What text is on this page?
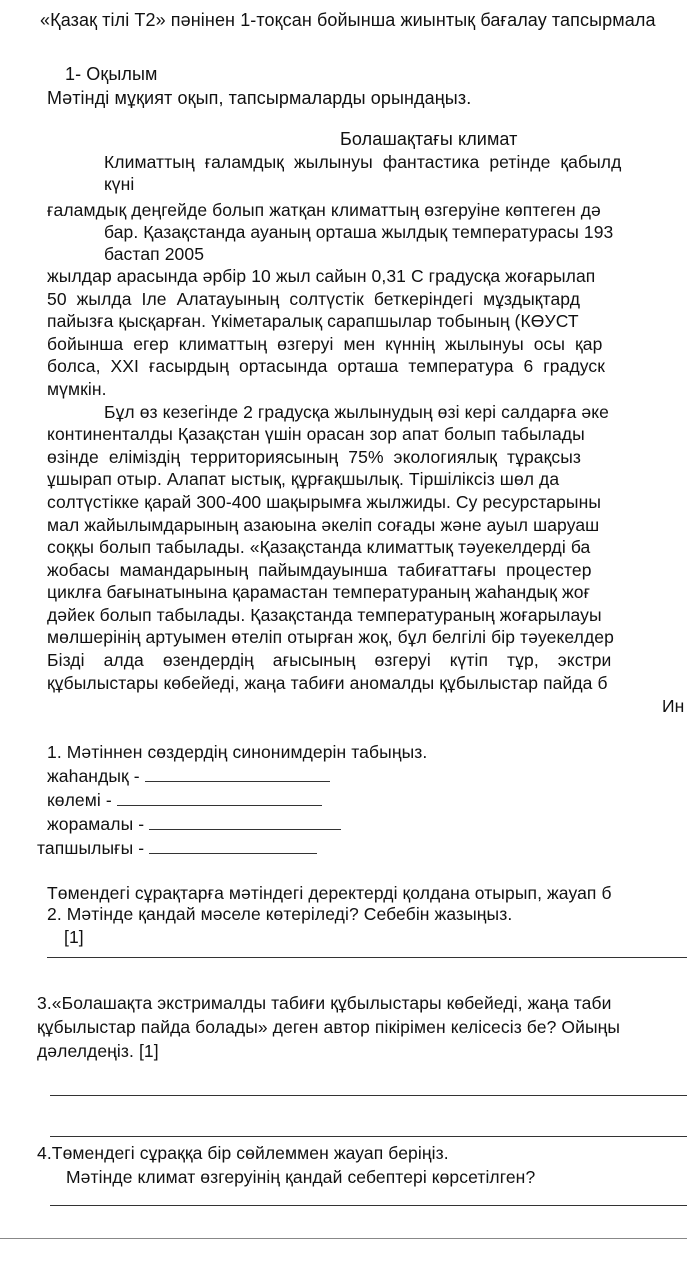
«Қазақ тілі Т2» пәнінен 1-тоқсан бойынша жиынтық бағалау тапсырмала
1- Оқылым
Мәтінді мұқият оқып, тапсырмаларды орындаңыз.
Болашақтағы климат
Климаттың ғаламдық жылынуы фантастика ретінде қабылд
күні
ғаламдық деңгейде болып жатқан климаттың өзгеруіне көптеген дә
бар. Қазақстанда ауаның орташа жылдық температурасы 193
бастап 2005
жылдар арасында әрбір 10 жыл сайын 0,31 С градусқа жоғарылап
50 жылда Іле Алатауының солтүстік беткеріндегі мұздықтард
пайызға қысқарған. Үкіметаралық сарапшылар тобының (КӨУСТ
бойынша егер климаттың өзгеруі мен күннің жылынуы осы қар
болса, ХХІ ғасырдың ортасында орташа температура 6 градуск
мүмкін.
Бұл өз кезегінде 2 градусқа жылынудың өзі кері салдарға әке
континенталды Қазақстан үшін орасан зор апат болып табылады
өзінде еліміздің территориясының 75% экологиялық тұрақсыз
ұшырап отыр. Алапат ыстық, құрғақшылық. Тіршіліксіз шөл да
солтүстікке қарай 300-400 шақырымға жылжиды. Су ресурстарыны
мал жайылымдарының азаюына әкеліп соғады және ауыл шаруаш
соққы болып табылады. «Қазақстанда климаттық тәуекелдерді ба
жобасы мамандарының пайымдауынша табиғаттағы процестер
циклға бағынатынына қарамастан температураның жаһандық жоғ
дәйек болып табылады. Қазақстанда температураның жоғарылауы
мөлшерінің артуымен өтеліп отырған жоқ, бұл белгілі бір тәуекелдер
Бізді алда өзендердің ағысының өзгеруі күтіп тұр, экстри
құбылыстары көбейеді, жаңа табиғи аномалды құбылыстар пайда б
Ин
1. Мәтіннен сөздердің синонимдерін табыңыз.
жаһандық -
көлемі -
жорамалы -
тапшылығы -
Төмендегі сұрақтарға мәтіндегі деректерді қолдана отырып, жауап б
2. Мәтінде қандай мәселе көтеріледі? Себебін жазыңыз.
[1]
3.«Болашақта экстрималды табиғи құбылыстары көбейеді, жаңа таби
құбылыстар пайда болады» деген автор пікірімен келісесіз бе? Ойыңы
дәлелдеңіз. [1]
4.Төмендегі сұраққа бір сөйлеммен жауап беріңіз.
Мәтінде климат өзгеруінің қандай себептері көрсетілген?
